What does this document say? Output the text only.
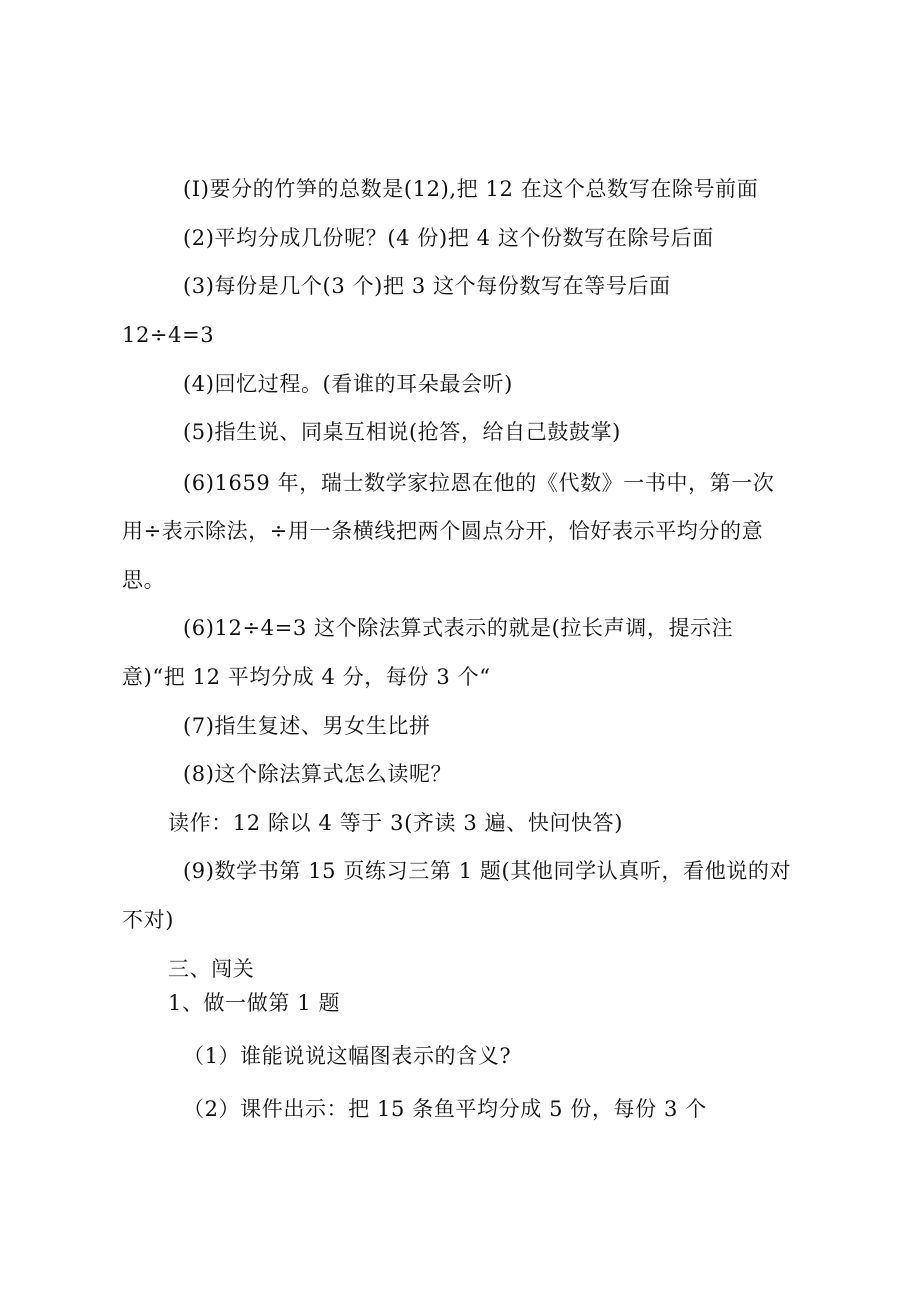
(I)要分的竹笋的总数是(12),把 12 在这个总数写在除号前面
(2)平均分成几份呢？(4 份)把 4 这个份数写在除号后面
(3)每份是几个(3 个)把 3 这个每份数写在等号后面
12÷4=3
(4)回忆过程。(看谁的耳朵最会听)
(5)指生说、同桌互相说(抢答，给自己鼓鼓掌)
(6)1659 年，瑞士数学家拉恩在他的《代数》一书中，第一次
用÷表示除法，÷用一条横线把两个圆点分开，恰好表示平均分的意
思。
(6)12÷4=3 这个除法算式表示的就是(拉长声调，提示注
意)“把 12 平均分成 4 分，每份 3 个“
(7)指生复述、男女生比拼
(8)这个除法算式怎么读呢？
读作：12 除以 4 等于 3(齐读 3 遍、快问快答)
(9)数学书第 15 页练习三第 1 题(其他同学认真听，看他说的对
不对)
三、闯关
1、做一做第 1 题
（1）谁能说说这幅图表示的含义?
（2）课件出示：把 15 条鱼平均分成 5 份，每份 3 个
